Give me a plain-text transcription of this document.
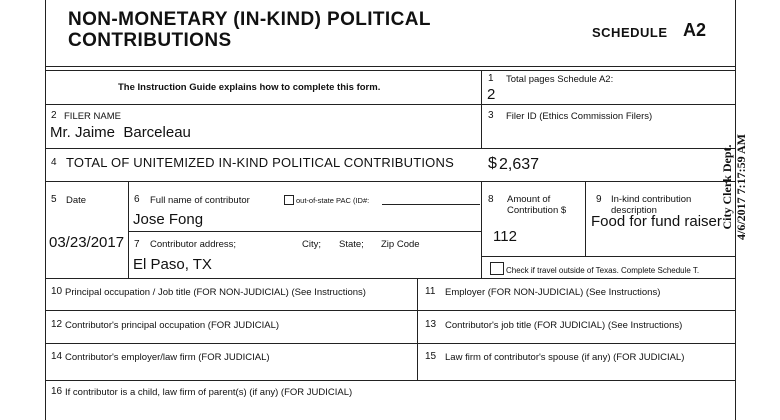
NON-MONETARY (IN-KIND) POLITICAL
CONTRIBUTIONS	SCHEDULE A2
The Instruction Guide explains how to complete this form.
1 Total pages Schedule A2:
2
2 FILER NAME
Mr. Jaime  Barceleau
3 Filer ID (Ethics Commission Filers)
4 TOTAL OF UNITEMIZED IN-KIND POLITICAL CONTRIBUTIONS $ 2,637
5 Date
03/23/2017
6 Full name of contributor	out-of-state PAC (ID#:
Jose Fong
7 Contributor address;	City; State; Zip Code
El Paso, TX
8 Amount of
Contribution $
112
9 In-kind contribution
description
Food for fund raiser
Check if travel outside of Texas. Complete Schedule T.
10 Principal occupation / Job title (FOR NON-JUDICIAL) (See Instructions)	11 Employer (FOR NON-JUDICIAL) (See Instructions)
12 Contributor's principal occupation (FOR JUDICIAL)	13 Contributor's job title (FOR JUDICIAL) (See Instructions)
14 Contributor's employer/law firm (FOR JUDICIAL)	15 Law firm of contributor's spouse (if any) (FOR JUDICIAL)
16 If contributor is a child, law firm of parent(s) (if any) (FOR JUDICIAL)
City Clerk Dept. 4/6/2017 7:17:59 AM
